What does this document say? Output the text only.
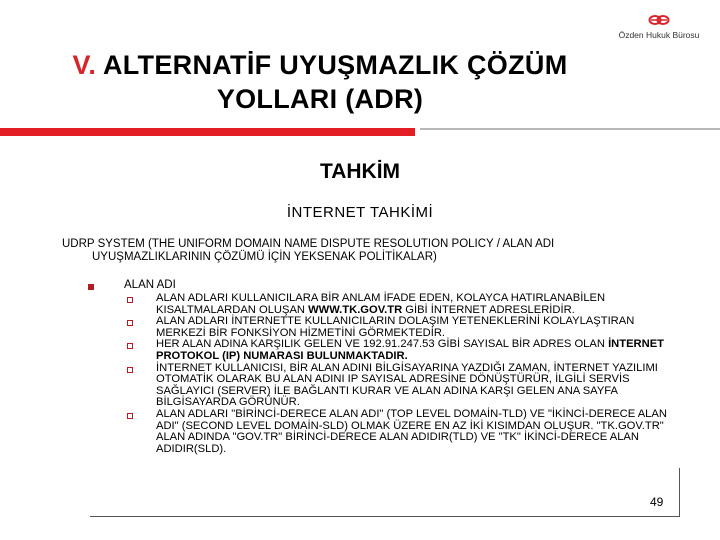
Özden Hukuk Bürosu
V. ALTERNATİF UYUŞMAZLIK ÇÖZÜM
YOLLARI (ADR)
TAHKİM
İNTERNET TAHKİMİ
UDRP SYSTEM (THE UNIFORM DOMAIN NAME DISPUTE RESOLUTION POLICY / ALAN ADI
UYUŞMAZLIKLARININ ÇÖZÜMÜ İÇİN YEKSENAK POLİTİKALAR)
ALAN ADI
ALAN ADLARI KULLANICILARA BİR ANLAM İFADE EDEN, KOLAYCA HATIRLANABİLEN KISALTMALARDAN OLUŞAN WWW.TK.GOV.TR GİBİ İNTERNET ADRESLERİDİR.
ALAN ADLARI İNTERNETTE KULLANICILARIN DOLAŞIM YETENEKLERİNİ KOLAYLAŞTIRAN MERKEZİ BİR FONKSİYON HİZMETİNİ GÖRMEKTEDİR.
HER ALAN ADINA KARŞILIK GELEN VE 192.91.247.53 GİBİ SAYISAL BİR ADRES OLAN İNTERNET PROTOKOL (IP) NUMARASI BULUNMAKTADIR.
İNTERNET KULLANICISI, BİR ALAN ADINI BİLGİSAYARINA YAZDIĞI ZAMAN, İNTERNET YAZILIMI OTOMATİK OLARAK BU ALAN ADINI IP SAYISAL ADRESİNE DÖNÜŞTÜRÜR, İLGİLİ SERVİS SAĞLAYICI (SERVER) İLE BAĞLANTI KURAR VE ALAN ADINA KARŞI GELEN ANA SAYFA BİLGİSAYARDA GÖRÜNÜR.
ALAN ADLARI "BİRİNCİ-DERECE ALAN ADI" (TOP LEVEL DOMAİN-TLD) VE "İKİNCİ-DERECE ALAN ADI" (SECOND LEVEL DOMAİN-SLD) OLMAK ÜZERE EN AZ İKİ KISIMDAN OLUŞUR. "TK.GOV.TR" ALAN ADINDA "GOV.TR" BİRİNCİ-DERECE ALAN ADIDIR(TLD) VE "TK" İKİNCİ-DERECE ALAN ADIDIR(SLD).
49
